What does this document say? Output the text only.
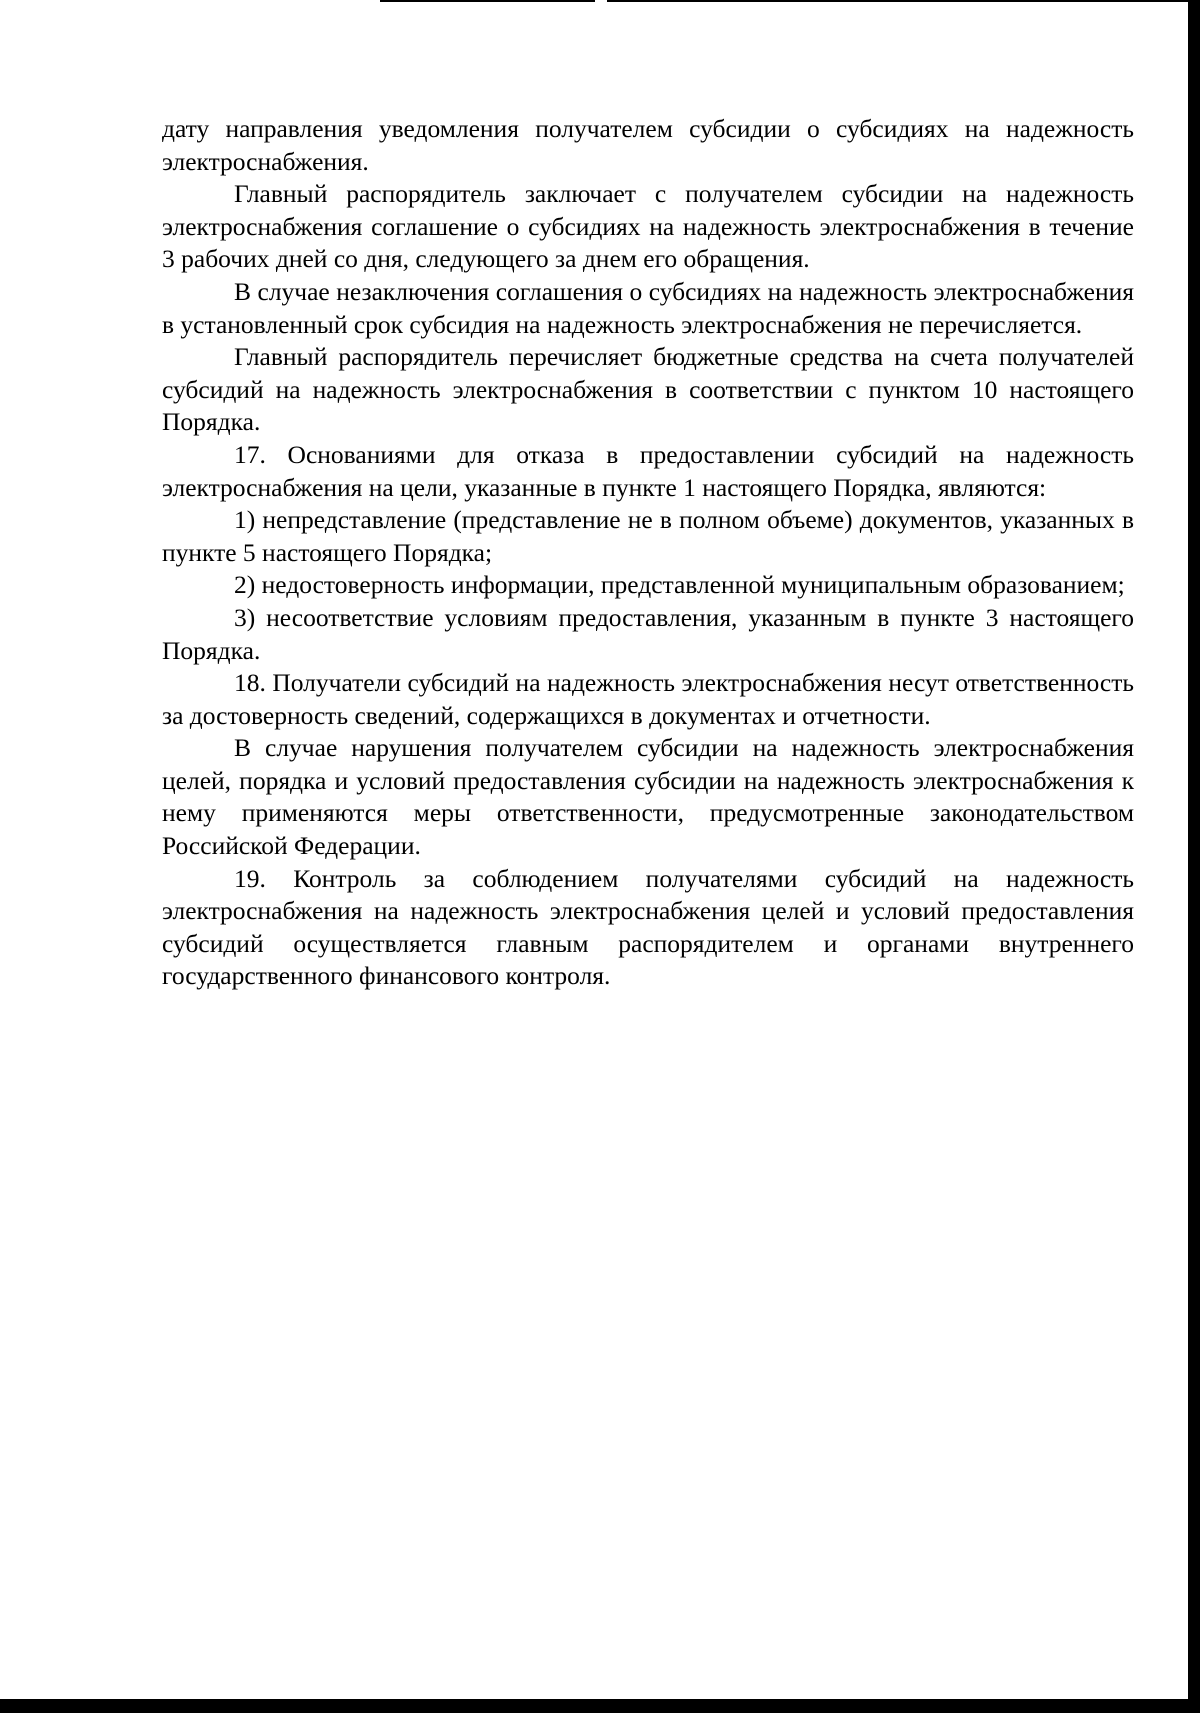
дату направления уведомления получателем субсидии о субсидиях на надежность электроснабжения.

Главный распорядитель заключает с получателем субсидии на надежность электроснабжения соглашение о субсидиях на надежность электроснабжения в течение 3 рабочих дней со дня, следующего за днем его обращения.

В случае незаключения соглашения о субсидиях на надежность электроснабжения в установленный срок субсидия на надежность электроснабжения не перечисляется.

Главный распорядитель перечисляет бюджетные средства на счета получателей субсидий на надежность электроснабжения в соответствии с пунктом 10 настоящего Порядка.

17. Основаниями для отказа в предоставлении субсидий на надежность электроснабжения на цели, указанные в пункте 1 настоящего Порядка, являются:

1) непредставление (представление не в полном объеме) документов, указанных в пункте 5 настоящего Порядка;

2) недостоверность информации, представленной муниципальным образованием;

3) несоответствие условиям предоставления, указанным в пункте 3 настоящего Порядка.

18. Получатели субсидий на надежность электроснабжения несут ответственность за достоверность сведений, содержащихся в документах и отчетности.

В случае нарушения получателем субсидии на надежность электроснабжения целей, порядка и условий предоставления субсидии на надежность электроснабжения к нему применяются меры ответственности, предусмотренные законодательством Российской Федерации.

19. Контроль за соблюдением получателями субсидий на надежность электроснабжения на надежность электроснабжения целей и условий предоставления субсидий осуществляется главным распорядителем и органами внутреннего государственного финансового контроля.
